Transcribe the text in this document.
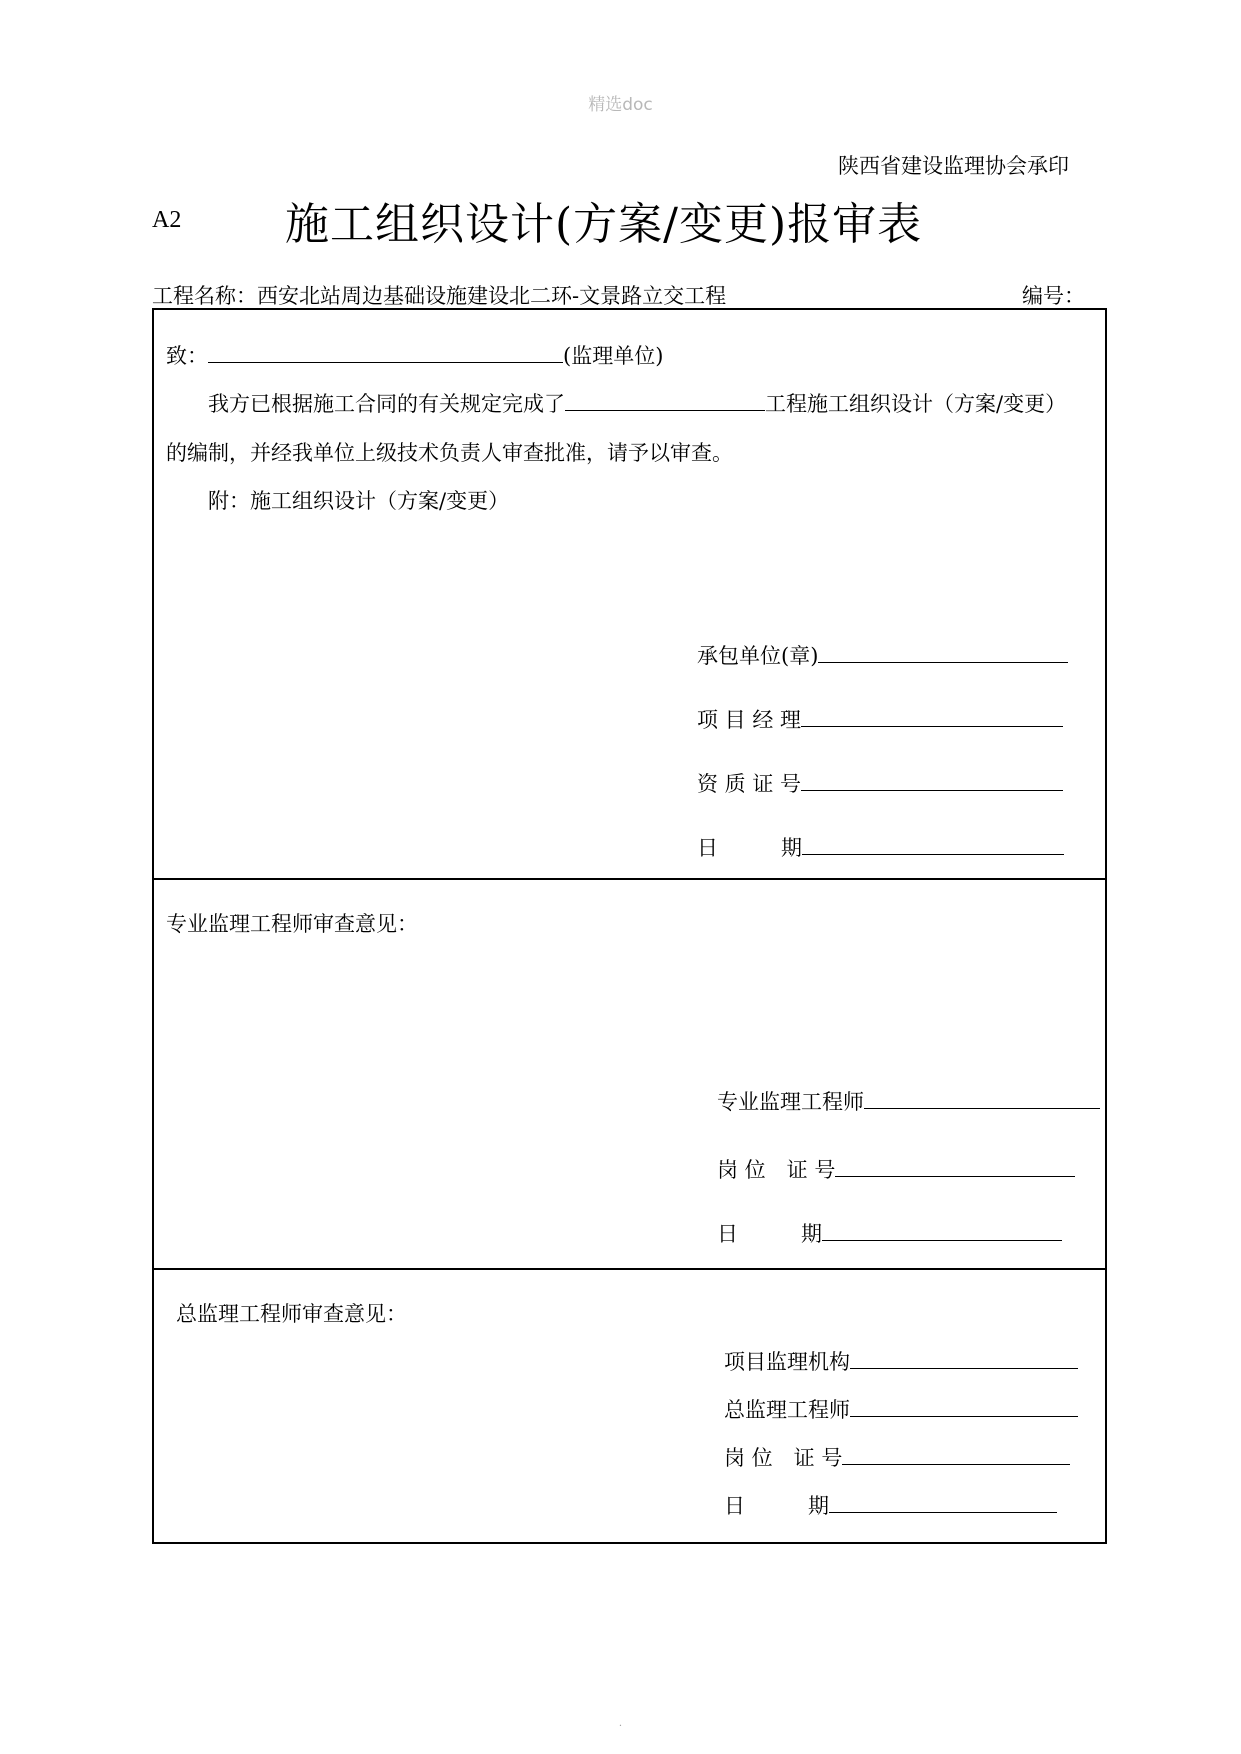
精选doc
陕西省建设监理协会承印
A2 施工组织设计(方案/变更)报审表
工程名称：西安北站周边基础设施建设北二环-文景路立交工程	编号：
致：	(监理单位)
我方已根据施工合同的有关规定完成了	工程施工组织设计（方案/变更）
的编制，并经我单位上级技术负责人审查批准，请予以审查。
附：施工组织设计（方案/变更）
承包单位(章)
项 目 经 理
资 质 证 号
日　　　期
专业监理工程师审查意见：
专业监理工程师
岗 位　证 号
日　　　期
总监理工程师审查意见：
项目监理机构
总监理工程师
岗 位　证 号
日　　　期
.
